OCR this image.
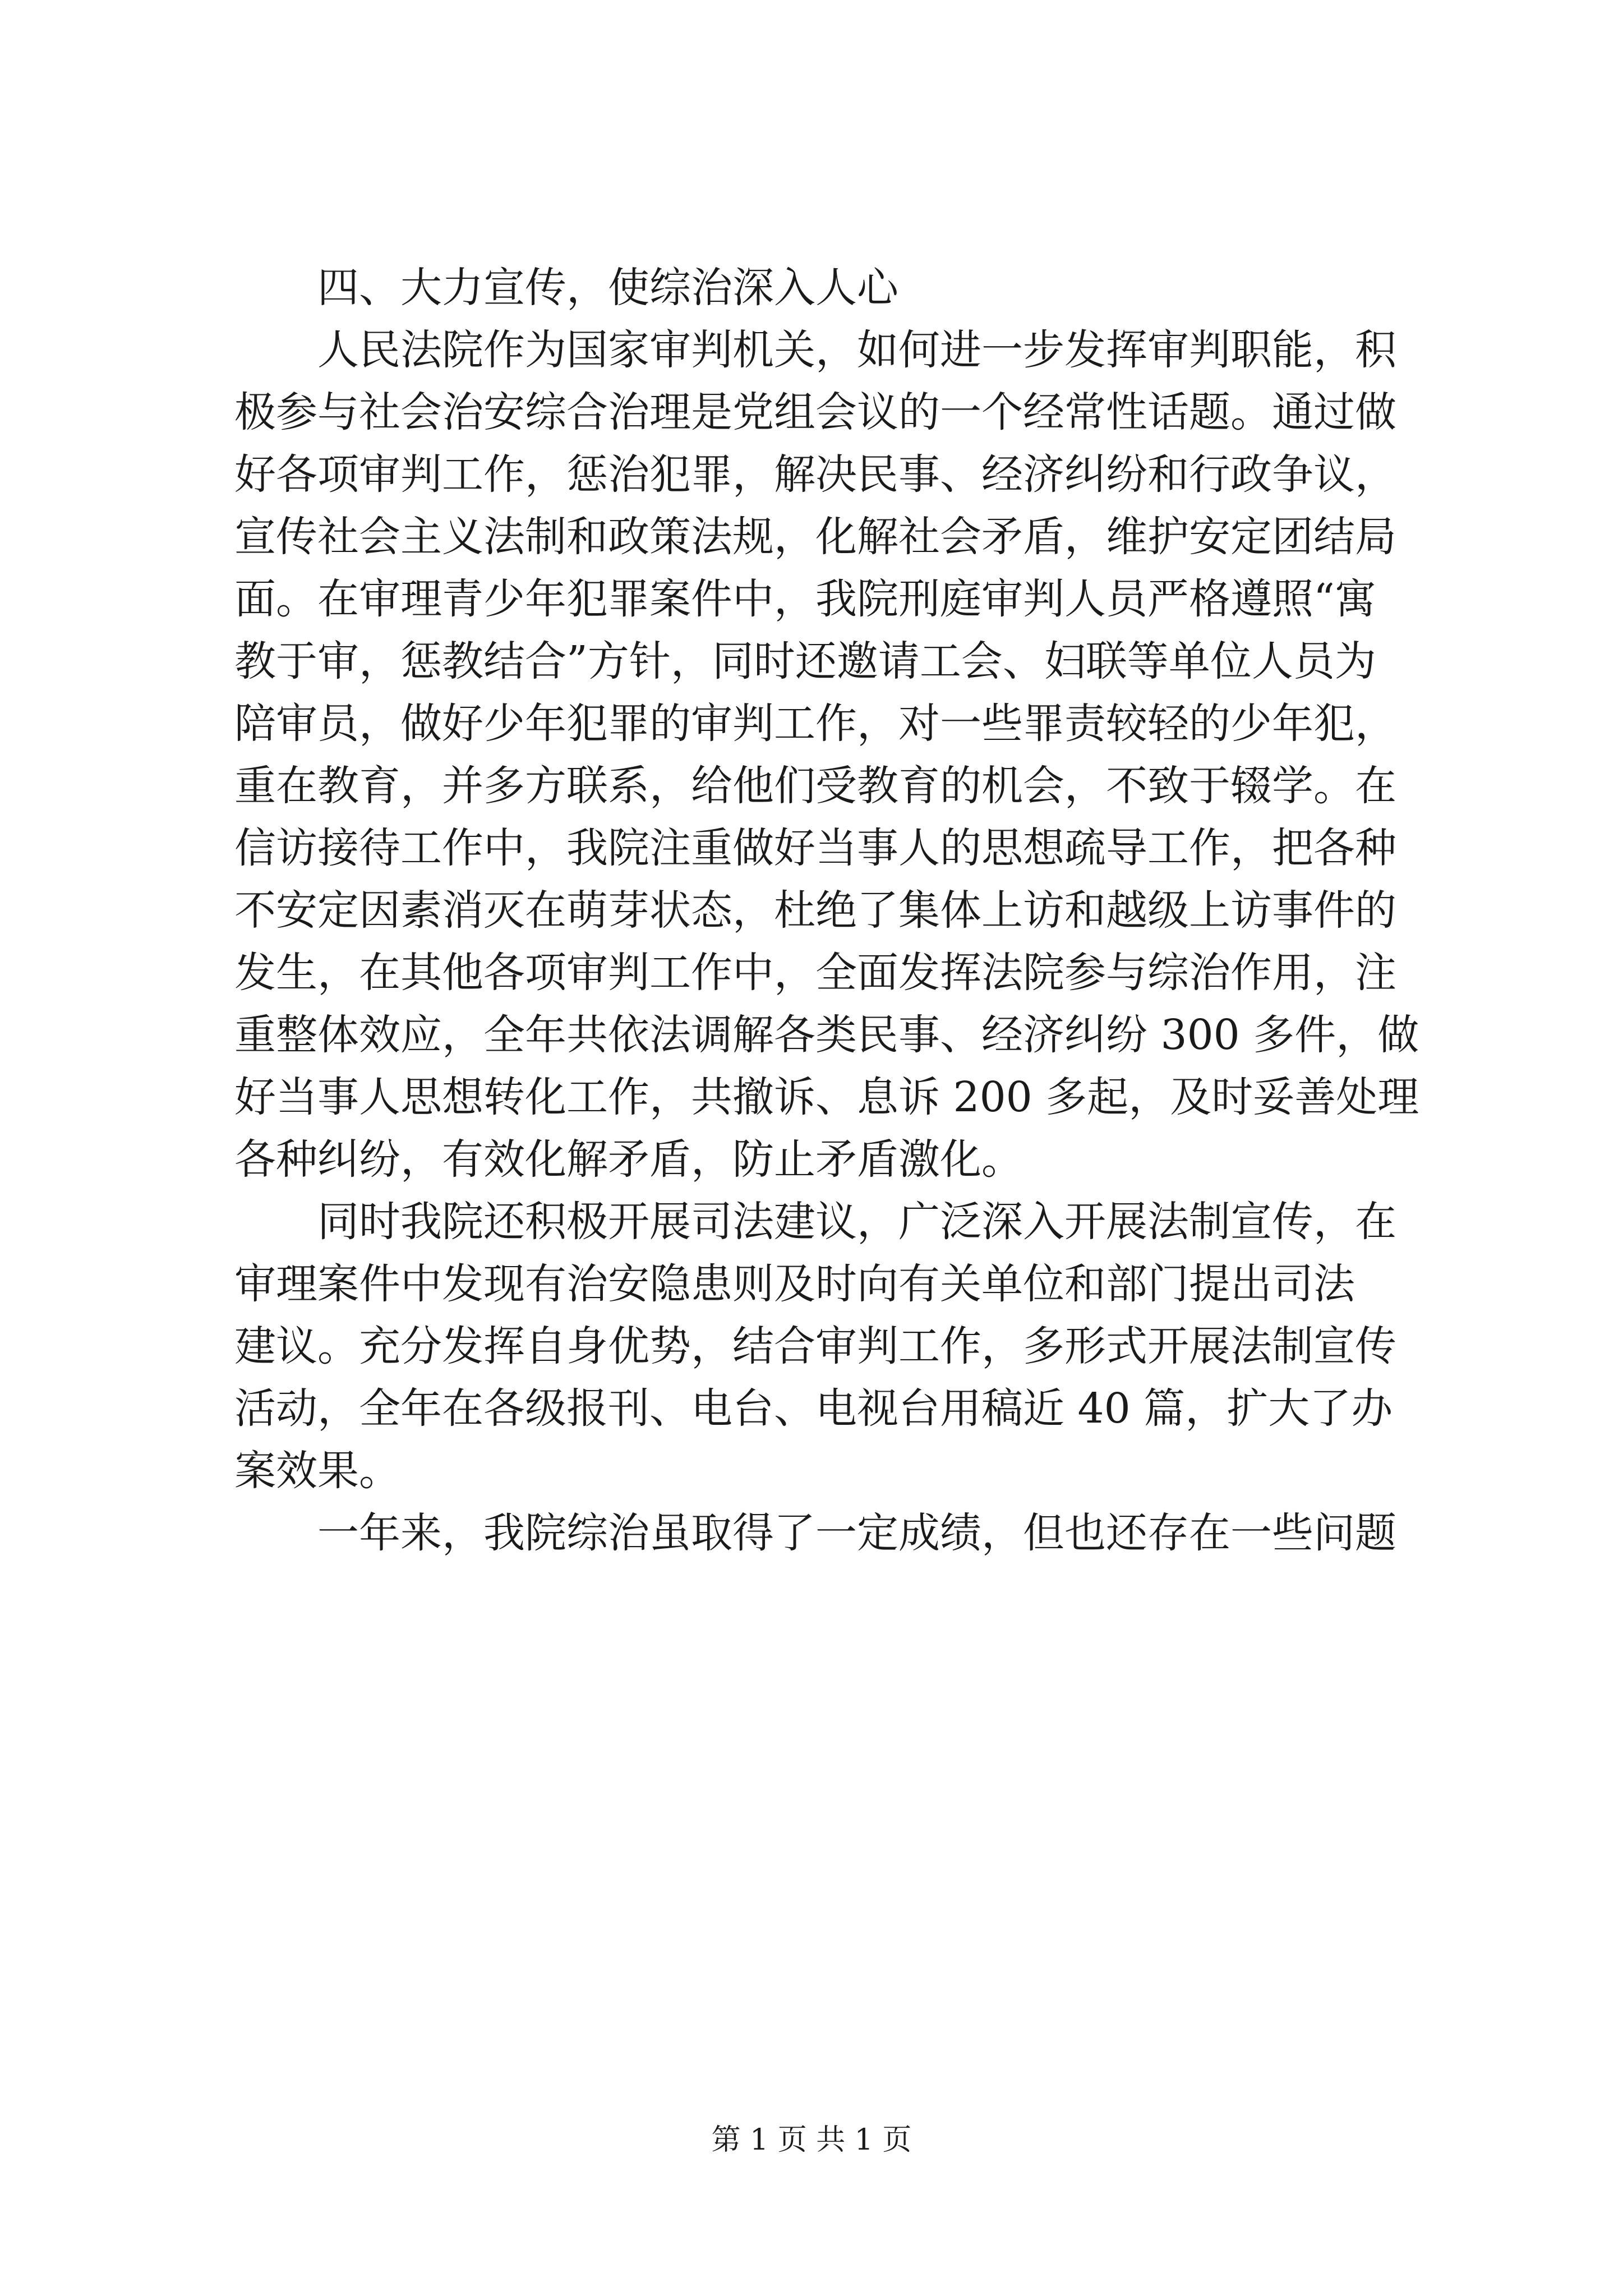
四、大力宣传，使综治深入人心
人民法院作为国家审判机关，如何进一步发挥审判职能，积
极参与社会治安综合治理是党组会议的一个经常性话题。通过做
好各项审判工作，惩治犯罪，解决民事、经济纠纷和行政争议，
宣传社会主义法制和政策法规，化解社会矛盾，维护安定团结局
面。在审理青少年犯罪案件中，我院刑庭审判人员严格遵照“寓
教于审，惩教结合”方针，同时还邀请工会、妇联等单位人员为
陪审员，做好少年犯罪的审判工作，对一些罪责较轻的少年犯，
重在教育，并多方联系，给他们受教育的机会，不致于辍学。在
信访接待工作中，我院注重做好当事人的思想疏导工作，把各种
不安定因素消灭在萌芽状态，杜绝了集体上访和越级上访事件的
发生，在其他各项审判工作中，全面发挥法院参与综治作用，注
重整体效应，全年共依法调解各类民事、经济纠纷 300 多件，做
好当事人思想转化工作，共撤诉、息诉 200 多起，及时妥善处理
各种纠纷，有效化解矛盾，防止矛盾激化。
同时我院还积极开展司法建议，广泛深入开展法制宣传，在
审理案件中发现有治安隐患则及时向有关单位和部门提出司法
建议。充分发挥自身优势，结合审判工作，多形式开展法制宣传
活动，全年在各级报刊、电台、电视台用稿近 40 篇，扩大了办
案效果。
一年来，我院综治虽取得了一定成绩，但也还存在一些问题
第 1 页 共 1 页
